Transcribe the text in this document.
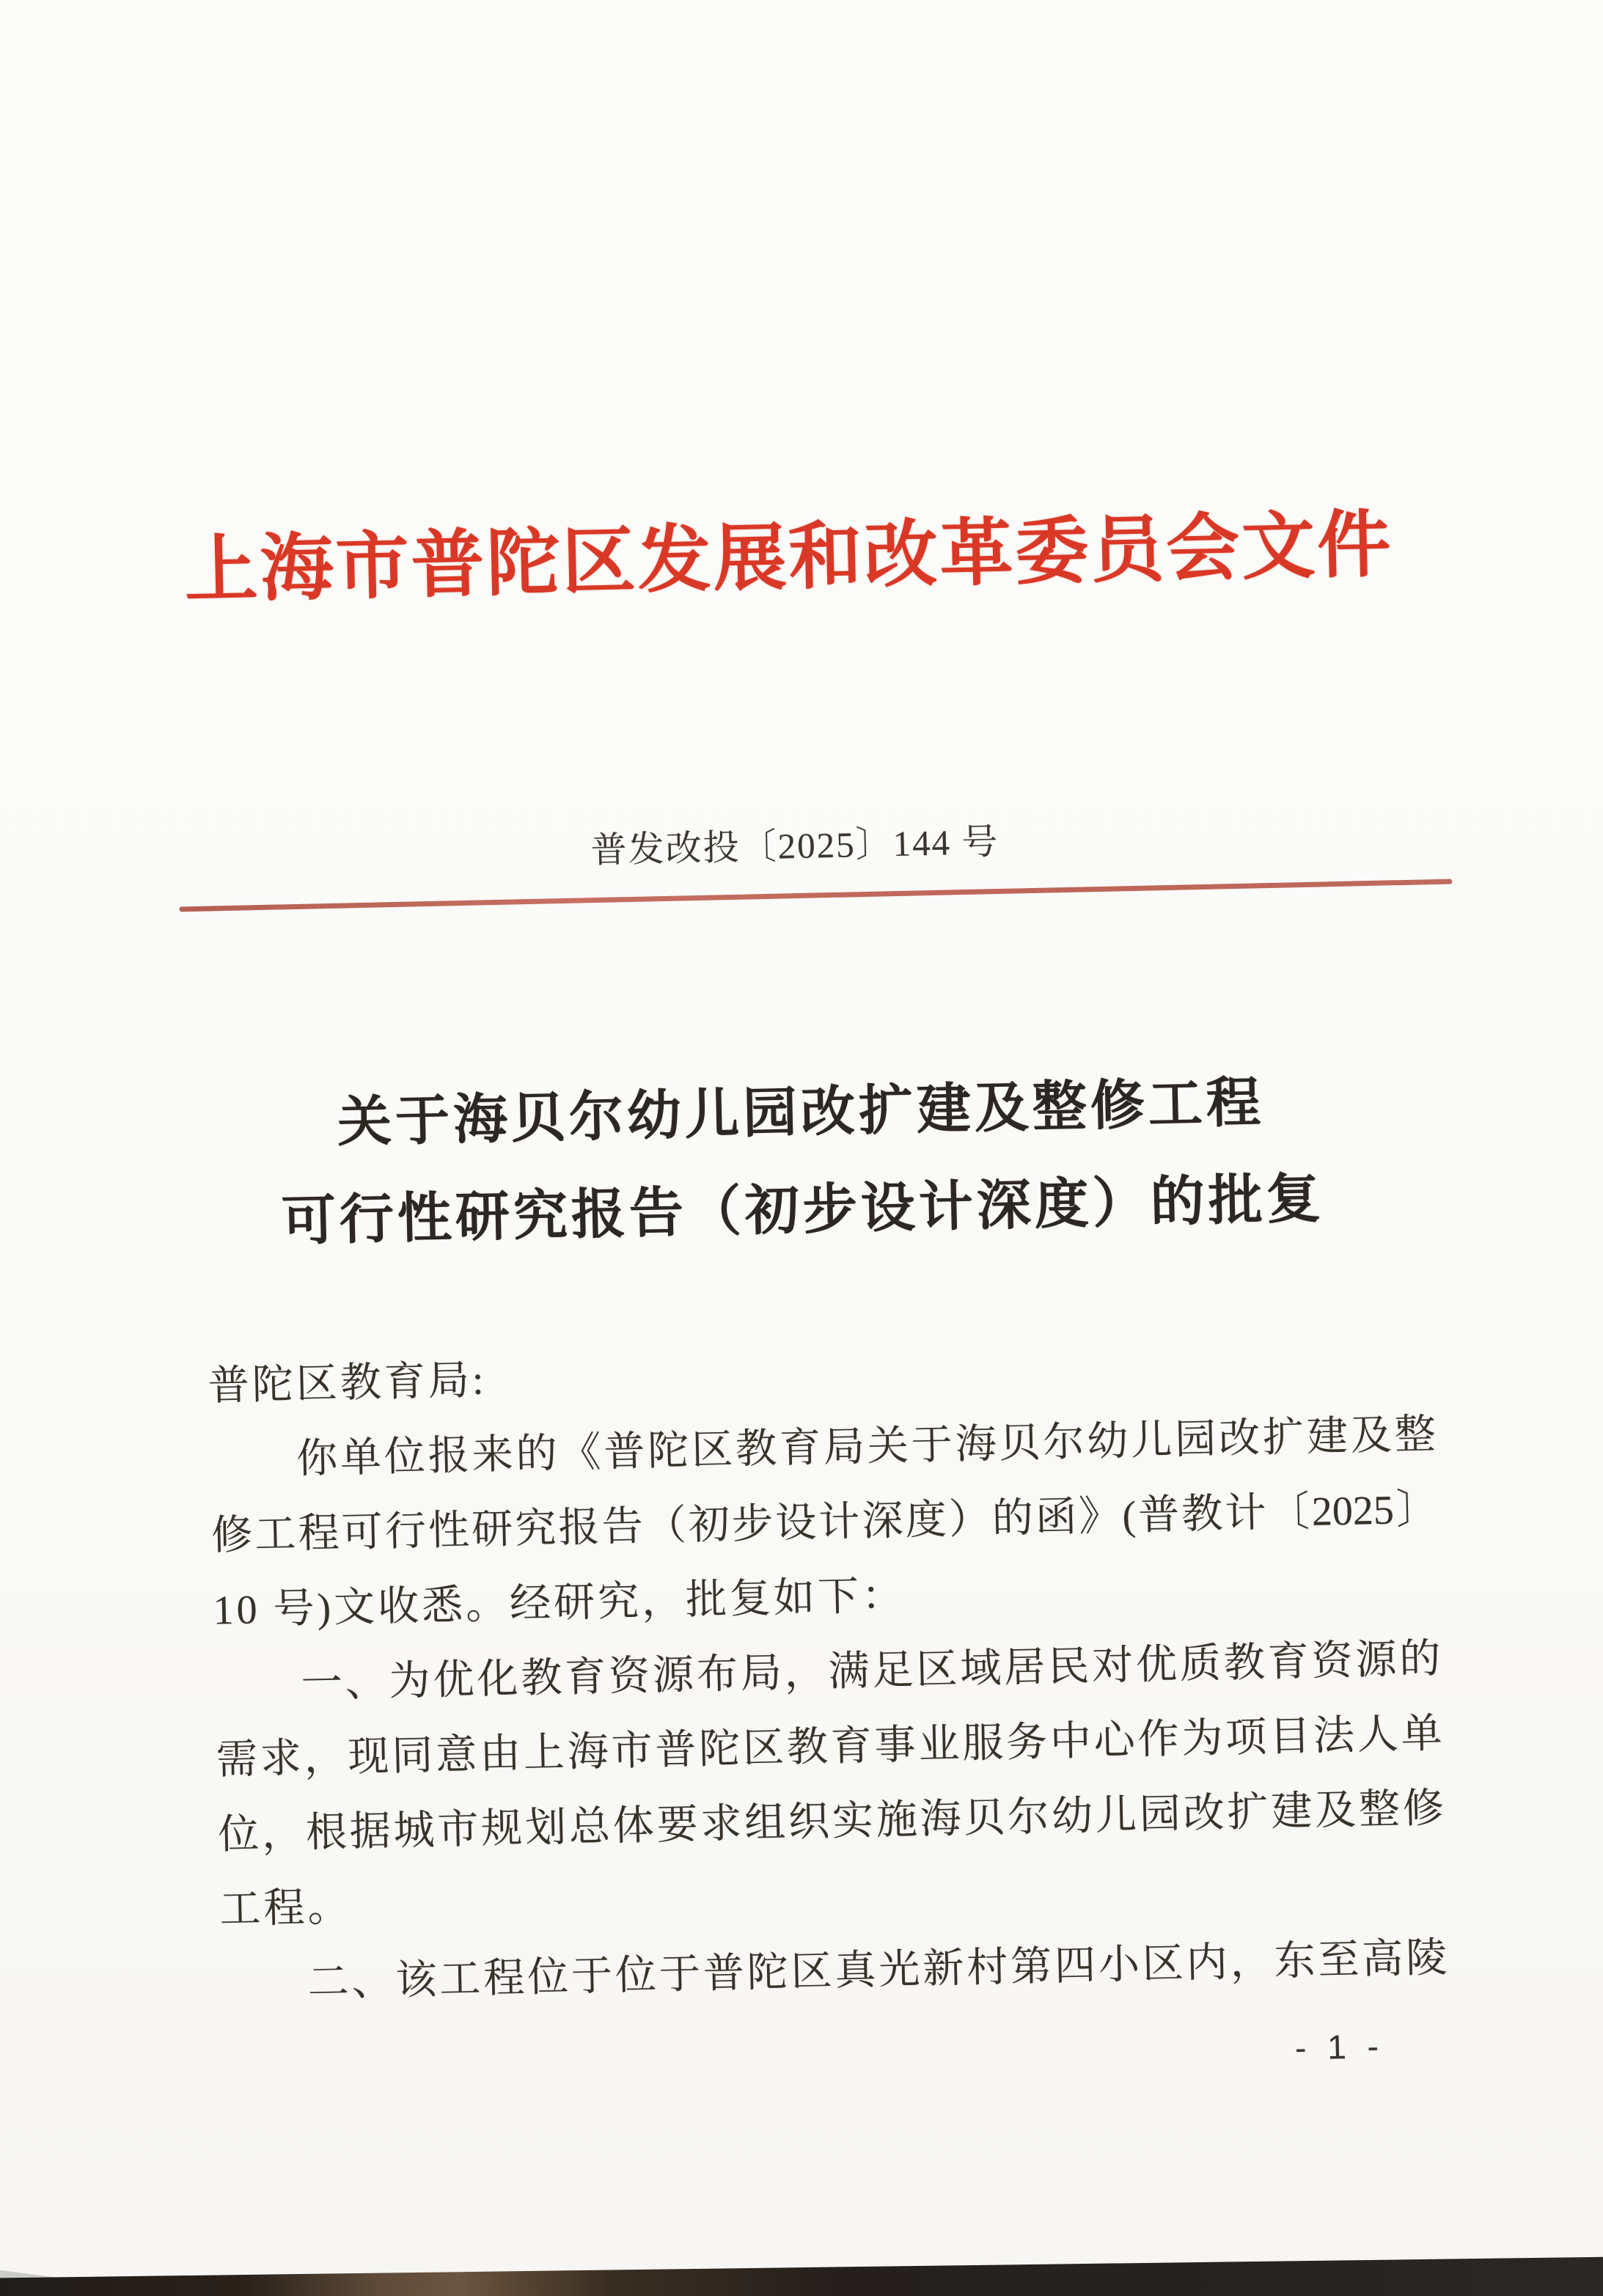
上海市普陀区发展和改革委员会文件
普发改投〔2025〕144 号
关于海贝尔幼儿园改扩建及整修工程
可行性研究报告（初步设计深度）的批复
普陀区教育局:
你单位报来的《普陀区教育局关于海贝尔幼儿园改扩建及整
修工程可行性研究报告（初步设计深度）的函》(普教计〔2025〕
10 号)文收悉。经研究，批复如下：
一、为优化教育资源布局，满足区域居民对优质教育资源的
需求，现同意由上海市普陀区教育事业服务中心作为项目法人单
位，根据城市规划总体要求组织实施海贝尔幼儿园改扩建及整修
工程。
二、该工程位于位于普陀区真光新村第四小区内，东至高陵
- 1 -
